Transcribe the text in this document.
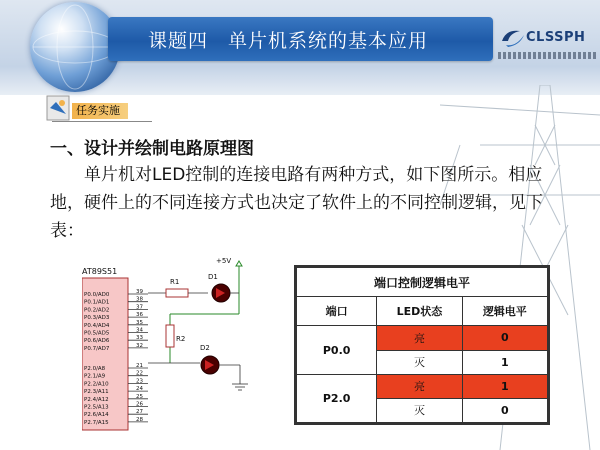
课题四　单片机系统的基本应用	CLSSPH
任务实施
一、设计并绘制电路原理图
单片机对LED控制的连接电路有两种方式，如下图所示。相应地，硬件上的不同连接方式也决定了软件上的不同控制逻辑，见下表：
AT89S51
P0.0/AD0
P0.1/AD1
P0.2/AD2
P0.3/AD3
P0.4/AD4
P0.5/AD5
P0.6/AD6
P0.7/AD7
39
38
37
36
35
34
33
32
P2.0/A8
P2.1/A9
P2.2/A10
P2.3/A11
P2.4/A12
P2.5/A13
P2.6/A14
P2.7/A15
21
22
23
24
25
26
27
28
+5V
R1
D1
R2
D2
端口控制逻辑电平		
端口	LED状态	逻辑电平
P0.0	亮	0
	灭	1
P2.0	亮	1
	灭	0
